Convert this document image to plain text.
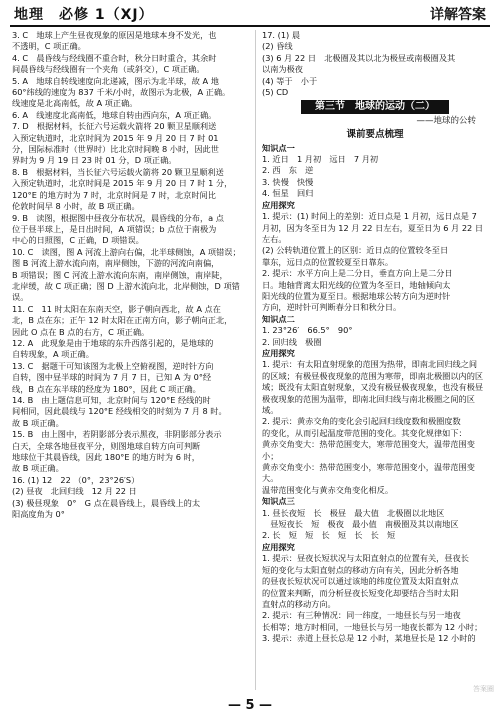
地理　必修 1（XJ）	详解答案

3. C　地球上产生昼夜现象的原因是地球本身不发光，也

不透明，C 项正确。

4. C　晨昏线与经线圈不重合时，秋分日时重合，其余时

间晨昏线与经线圈有一个夹角（或斜交），C 项正确。

5. A　地球自转线速度向北递减，图示为北半球，故 A 地

60°纬线的速度为 837 千米/小时，故图示为北极，A 正确。

线速度是北高南低，故 A 项正确。

6. A　线速度北高南低，地球自转由西向东，A 项正确。

7. D　根据材料，长征六号运载火箭将 20 颗卫星顺利送

入预定轨道时，北京时间为 2015 年 9 月 20 日 7 时 01

分，国际标准时（世界时）比北京时间晚 8 小时，因此世

界时为 9 月 19 日 23 时 01 分，D 项正确。

8. B　根据材料，当长征六号运载火箭将 20 颗卫星顺利送

入预定轨道时，北京时间是 2015 年 9 月 20 日 7 时 1 分，

120°E 的地方时为 7 时，北京时间是 7 时，北京时间比

伦敦时间早 8 小时，故 B 项正确。

9. B　读图，根据图中昼夜分布状况，晨昏线的分布，a 点

位于昼半球上，是日出时间，A 项错误；b 点位于南极为

中心的日照图，C 正确，D 项错误。

10. C　读图，图 A 河流上游向右偏，北半球侧蚀，A 项错误；

图 B 河流上游水流向南，南岸侧蚀，下游的河流向南偏，

B 项错误；图 C 河流上游水流向东南，南岸侧蚀，南岸陡，

北岸缓，故 C 项正确；图 D 上游水流向北，北岸侧蚀，D 项错误。

11. C　11 时太阳在东南天空，影子朝向西北，故 A 点在

北，B 点在东；正午 12 时太阳在正南方向，影子朝向正北，

因此 O 点在 B 点的右方，C 项正确。

12. A　此现象是由于地球的东升西落引起的，是地球的

自转现象，A 项正确。

13. C　据题干可知该图为北极上空俯视图，逆时针方向

自转，图中昼半球的时间为 7 月 7 日，已知 A 为 0°经

线，B 点在东半球的经度为 180°，因此 C 项正确。

14. B　由上题信息可知，北京时间与 120°E 经线的时

间相同，因此晨线与 120°E 经线相交的时刻为 7 月 8 时。

故 B 项正确。

15. B　由上图中，若阴影部分表示黑夜，非阴影部分表示

白天，全球各地昼夜平分，则图地球自转方向可判断

地球位于其晨昏线，因此 180°E 的地方时为 6 时，

故 B 项正确。

16. (1) 12　22 （0°，23°26′S）

(2) 昼夜　北回归线　12 月 22 日

(3) 极昼现象　0°　G 点在晨昏线上，晨昏线上的太

阳高度角为 0°

17. (1) 晨

(2) 昏线

(3) 6 月 22 日　北极圈及其以北为极昼或南极圈及其

以南为极夜

(4) 等于　小于

(5) CD

第三节　地球的运动（二）
——地球的公转
课前要点梳理

知识点一

1. 近日　1 月初　远日　7 月初

2. 西　东　逆

3. 快慢　快慢

4. 恒星　回归

应用探究

1. 提示：(1) 时间上的差别：近日点是 1 月初，远日点是 7

月初，因为冬至日为 12 月 22 日左右，夏至日为 6 月 22 日

左右。

(2) 公转轨道位置上的区别：近日点的位置较冬至日

靠东，远日点的位置较夏至日靠东。

2. 提示：水平方向上是二分日，垂直方向上是二分日

日。地轴背离太阳光线的位置为冬至日，地轴倾向太

阳光线的位置为夏至日。根据地球公转方向为逆时针

方向，逆时针可判断春分日和秋分日。

知识点二

1. 23°26′　66.5°　90°

2. 回归线　极圈

应用探究

1. 提示：有太阳直射现象的范围为热带，即南北回归线之间

的区域；有极昼极夜现象的范围为寒带，即南北极圈以内的区

域；既没有太阳直射现象，又没有极昼极夜现象，也没有极昼

极夜现象的范围为温带，即南北回归线与南北极圈之间的区域。

2. 提示：黄赤交角的变化会引起回归线度数和极圈度数

的变化，从而引起温度带范围的变化。其变化规律如下：

黄赤交角变大：热带范围变大，寒带范围变大，温带范围变小；

黄赤交角变小：热带范围变小，寒带范围变小，温带范围变大。

温带范围变化与黄赤交角变化相反。

知识点三

1. 昼长夜短　长　极昼　最大值　北极圈以北地区

　昼短夜长　短　极夜　最小值　南极圈及其以南地区

2. 长　短　短　长　短　长　长　短

应用探究

1. 提示：昼夜长短状况与太阳直射点的位置有关，昼夜长

短的变化与太阳直射点的移动方向有关，因此分析各地

的昼夜长短状况可以通过该地的纬度位置及太阳直射点

的位置来判断，而分析昼夜长短变化却要结合当时太阳

直射点的移动方向。

2. 提示：有三种情况：同一纬度，一地昼长与另一地夜

长相等；地方时相同，一地昼长与另一地夜长都为 12 小时；

3. 提示：赤道上昼长总是 12 小时，某地昼长是 12 小时的

— 5 —
答案圈
